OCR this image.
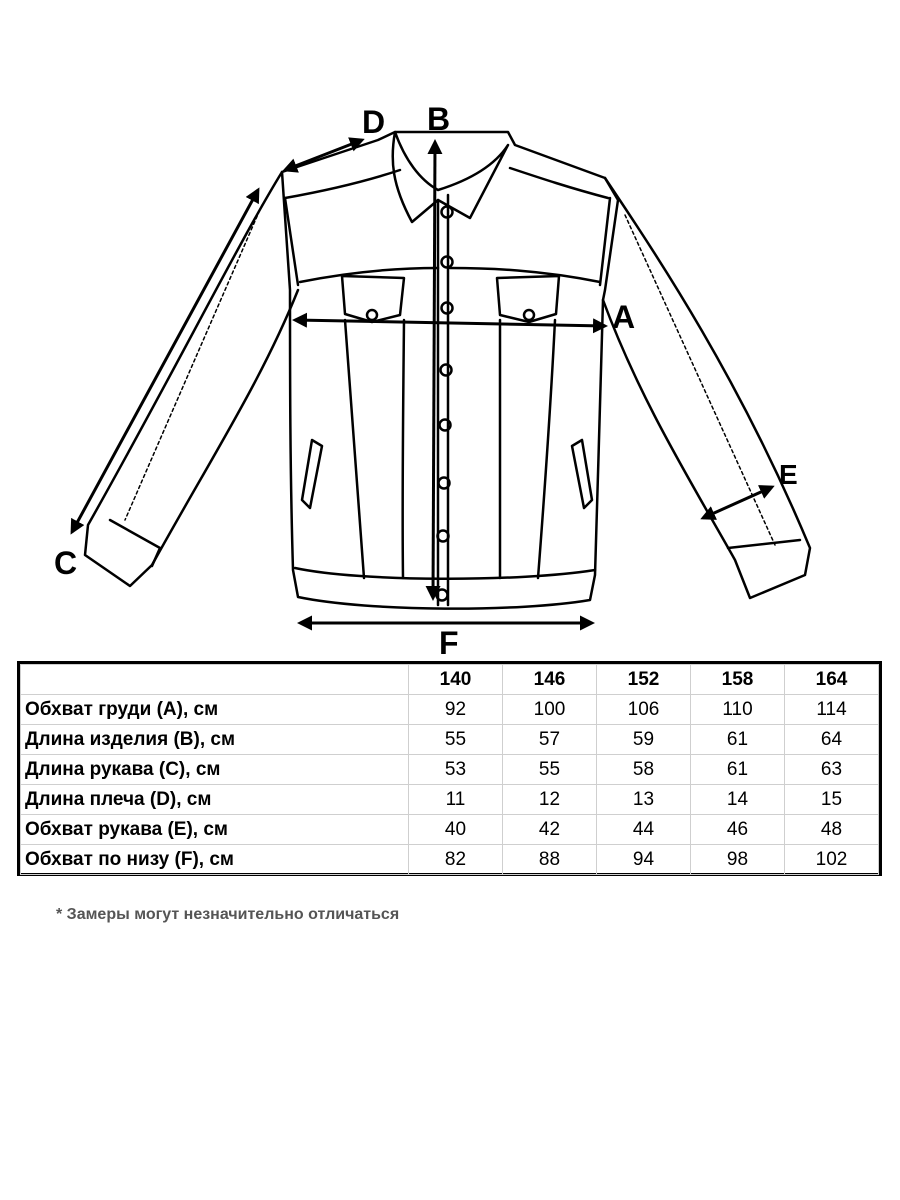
A
B
C
D
E
F
	140	146	152	158	164
Обхват груди (A), см	92	100	106	110	114
Длина изделия (B), см	55	57	59	61	64
Длина рукава (C), см	53	55	58	61	63
Длина плеча (D), см	11	12	13	14	15
Обхват рукава (E), см	40	42	44	46	48
Обхват по низу (F), см	82	88	94	98	102
* Замеры могут незначительно отличаться
